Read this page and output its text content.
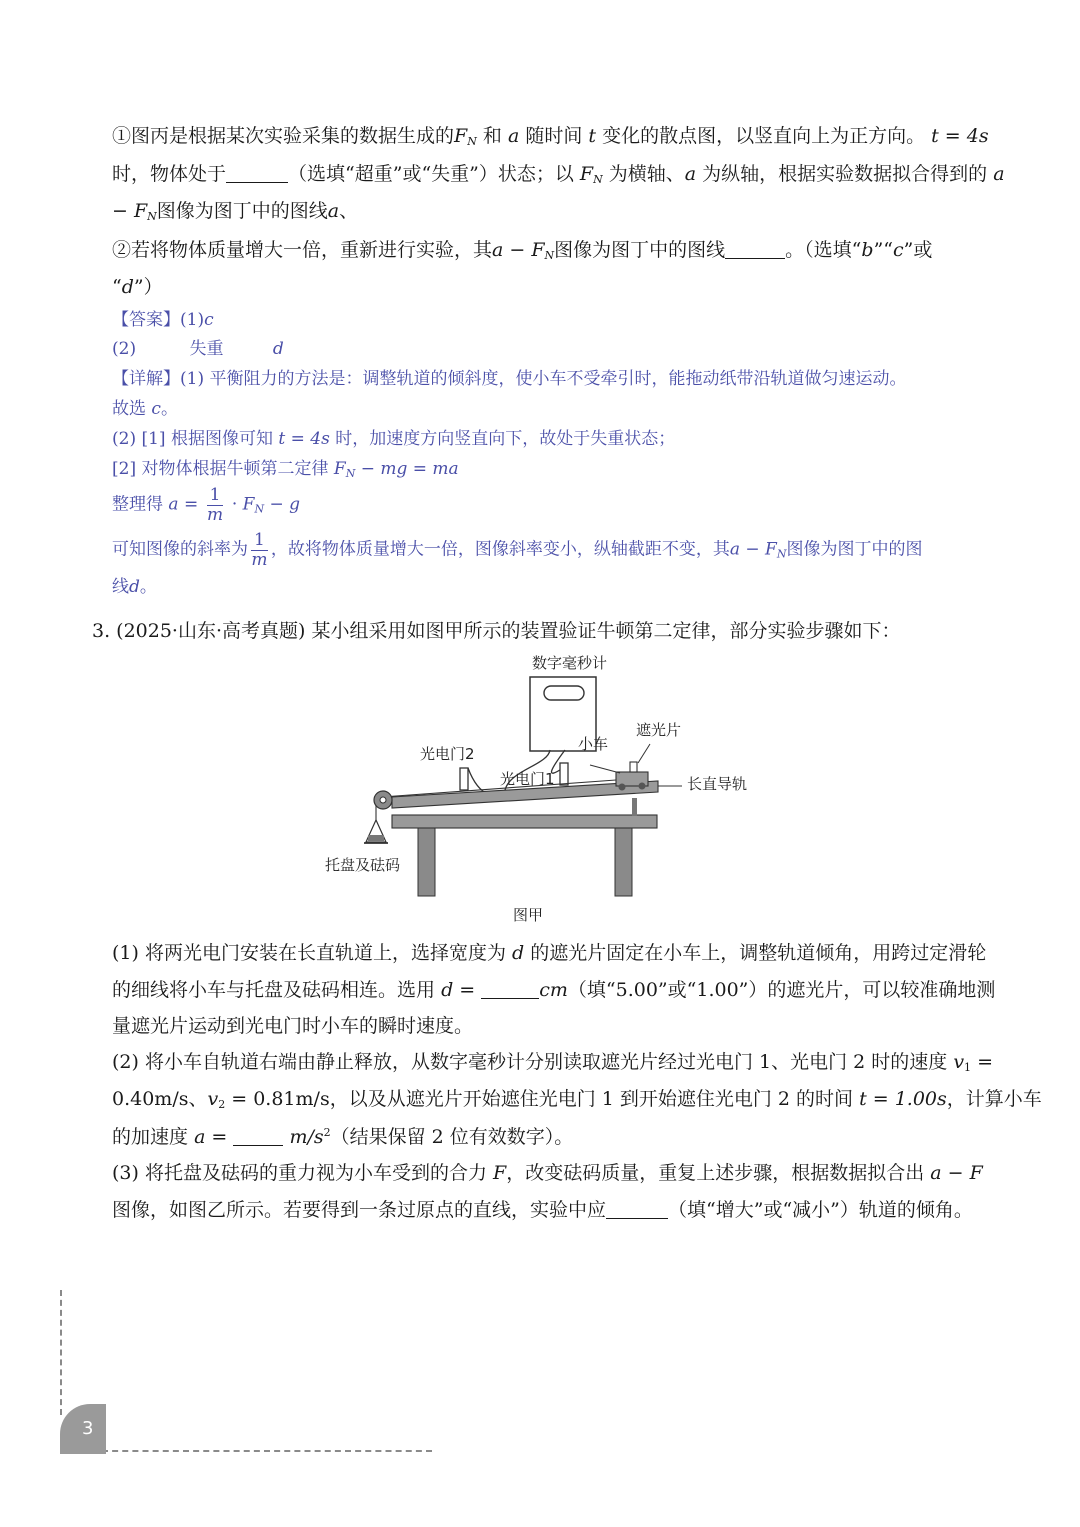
①图丙是根据某次实验采集的数据生成的$F_N$ 和 a 随时间 t 变化的散点图，以竖直向上为正方向。 t = 4s
时，物体处于	（选填“超重”或“失重”）状态；以 $F_N$ 为横轴、a 为纵轴，根据实验数据拟合得到的 a
− $F_N$图像为图丁中的图线a、
②若将物体质量增大一倍，重新进行实验，其$a - F_N$图像为图丁中的图线	。（选填“b”“c”或
“d”）
【答案】(1)c
(2)	失重	d
【详解】(1) 平衡阻力的方法是：调整轨道的倾斜度，使小车不受牵引时，能拖动纸带沿轨道做匀速运动。
故选 c。
(2) [1] 根据图像可知 t = 4s 时，加速度方向竖直向下，故处于失重状态；
[2] 对物体根据牛顿第二定律 $F_N$ − mg = ma
整理得 $a = \frac{1}{m} \cdot F_N - g$
可知图像的斜率为 $\frac{1}{m}$ ，故将物体质量增大一倍，图像斜率变小，纵轴截距不变，其$a - F_N$图像为图丁中的图
线d。
3. (2025·山东·高考真题) 某小组采用如图甲所示的装置验证牛顿第二定律，部分实验步骤如下：
数字毫秒计
光电门2
光电门1
小车
遮光片
长直导轨
托盘及砝码
图甲
(1) 将两光电门安装在长直轨道上，选择宽度为 d 的遮光片固定在小车上，调整轨道倾角，用跨过定滑轮
的细线将小车与托盘及砝码相连。选用 d =	cm（填“5.00”或“1.00”）的遮光片，可以较准确地测
量遮光片运动到光电门时小车的瞬时速度。
(2) 将小车自轨道右端由静止释放，从数字毫秒计分别读取遮光片经过光电门 1、光电门 2 时的速度 $v_1$ =
0.40m/s、$v_2 = 0.81m/s$，以及从遮光片开始遮住光电门 1 到开始遮住光电门 2 的时间 t = 1.00s，计算小车
的加速度 a =	$m/s^2$（结果保留 2 位有效数字）。
(3) 将托盘及砝码的重力视为小车受到的合力 F，改变砝码质量，重复上述步骤，根据数据拟合出 a − F
图像，如图乙所示。若要得到一条过原点的直线，实验中应	（填“增大”或“减小”）轨道的倾角。
3
